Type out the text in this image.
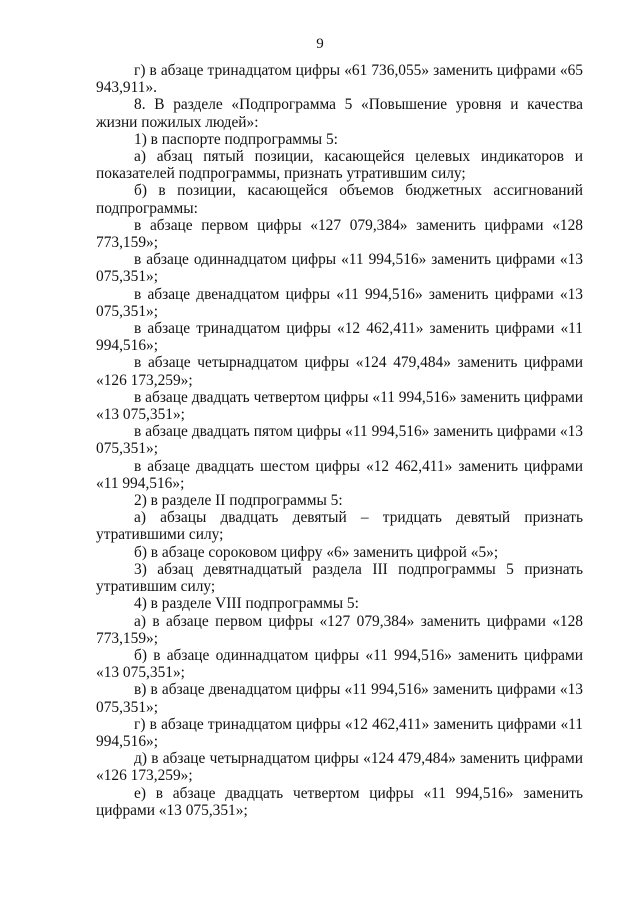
9

г) в абзаце тринадцатом цифры «61 736,055» заменить цифрами «65 943,911».

8. В разделе «Подпрограмма 5 «Повышение уровня и качества жизни пожилых людей»:

1) в паспорте подпрограммы 5:

а) абзац пятый позиции, касающейся целевых индикаторов и показателей подпрограммы, признать утратившим силу;

б) в позиции, касающейся объемов бюджетных ассигнований подпрограммы:

в абзаце первом цифры «127 079,384» заменить цифрами «128 773,159»;

в абзаце одиннадцатом цифры «11 994,516» заменить цифрами «13 075,351»;

в абзаце двенадцатом цифры «11 994,516» заменить цифрами «13 075,351»;

в абзаце тринадцатом цифры «12 462,411» заменить цифрами «11 994,516»;

в абзаце четырнадцатом цифры «124 479,484» заменить цифрами «126 173,259»;

в абзаце двадцать четвертом цифры «11 994,516» заменить цифрами «13 075,351»;

в абзаце двадцать пятом цифры «11 994,516» заменить цифрами «13 075,351»;

в абзаце двадцать шестом цифры «12 462,411» заменить цифрами «11 994,516»;

2) в разделе II подпрограммы 5:

а) абзацы двадцать девятый – тридцать девятый признать утратившими силу;

б) в абзаце сороковом цифру «6» заменить цифрой «5»;

3) абзац девятнадцатый раздела III подпрограммы 5 признать утратившим силу;

4) в разделе VIII подпрограммы 5:

а) в абзаце первом цифры «127 079,384» заменить цифрами «128 773,159»;

б) в абзаце одиннадцатом цифры «11 994,516» заменить цифрами «13 075,351»;

в) в абзаце двенадцатом цифры «11 994,516» заменить цифрами «13 075,351»;

г) в абзаце тринадцатом цифры «12 462,411» заменить цифрами «11 994,516»;

д) в абзаце четырнадцатом цифры «124 479,484» заменить цифрами «126 173,259»;

е) в абзаце двадцать четвертом цифры «11 994,516» заменить цифрами «13 075,351»;
